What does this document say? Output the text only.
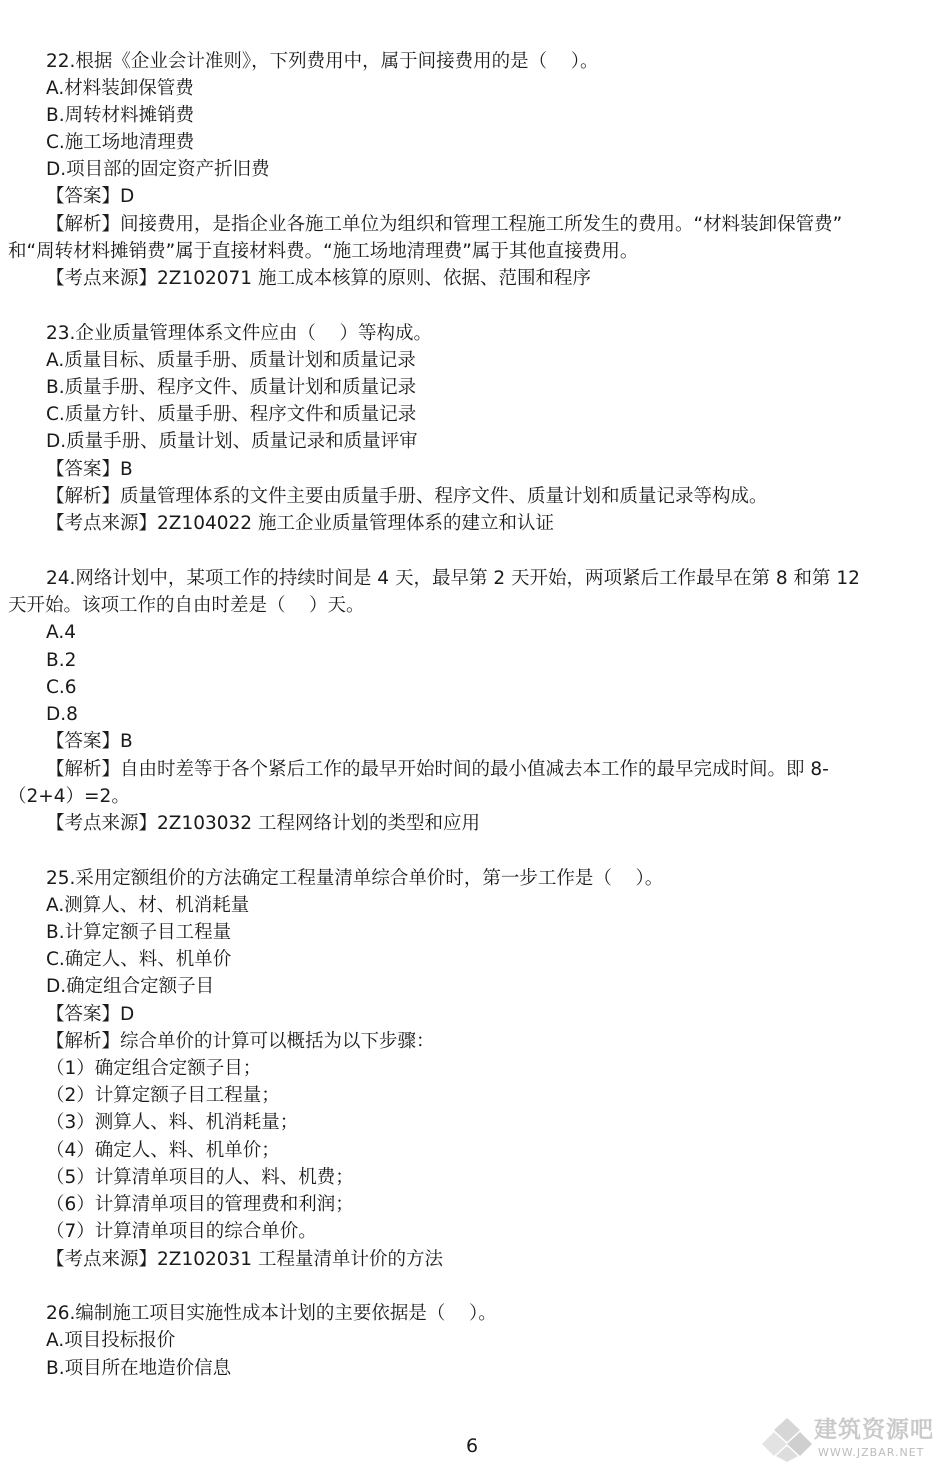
22.根据《企业会计准则》，下列费用中，属于间接费用的是（    ）。
A.材料装卸保管费
B.周转材料摊销费
C.施工场地清理费
D.项目部的固定资产折旧费
【答案】D
【解析】间接费用，是指企业各施工单位为组织和管理工程施工所发生的费用。“材料装卸保管费”
和“周转材料摊销费”属于直接材料费。“施工场地清理费”属于其他直接费用。
【考点来源】2Z102071 施工成本核算的原则、依据、范围和程序
23.企业质量管理体系文件应由（    ）等构成。
A.质量目标、质量手册、质量计划和质量记录
B.质量手册、程序文件、质量计划和质量记录
C.质量方针、质量手册、程序文件和质量记录
D.质量手册、质量计划、质量记录和质量评审
【答案】B
【解析】质量管理体系的文件主要由质量手册、程序文件、质量计划和质量记录等构成。
【考点来源】2Z104022 施工企业质量管理体系的建立和认证
24.网络计划中，某项工作的持续时间是 4 天，最早第 2 天开始，两项紧后工作最早在第 8 和第 12
天开始。该项工作的自由时差是（    ）天。
A.4
B.2
C.6
D.8
【答案】B
【解析】自由时差等于各个紧后工作的最早开始时间的最小值减去本工作的最早完成时间。即 8-
（2+4）=2。
【考点来源】2Z103032 工程网络计划的类型和应用
25.采用定额组价的方法确定工程量清单综合单价时，第一步工作是（    ）。
A.测算人、材、机消耗量
B.计算定额子目工程量
C.确定人、料、机单价
D.确定组合定额子目
【答案】D
【解析】综合单价的计算可以概括为以下步骤：
（1）确定组合定额子目；
（2）计算定额子目工程量；
（3）测算人、料、机消耗量；
（4）确定人、料、机单价；
（5）计算清单项目的人、料、机费；
（6）计算清单项目的管理费和利润；
（7）计算清单项目的综合单价。
【考点来源】2Z102031 工程量清单计价的方法
26.编制施工项目实施性成本计划的主要依据是（    ）。
A.项目投标报价
B.项目所在地造价信息
6
建筑资源吧
WWW.JZBAR.NET
